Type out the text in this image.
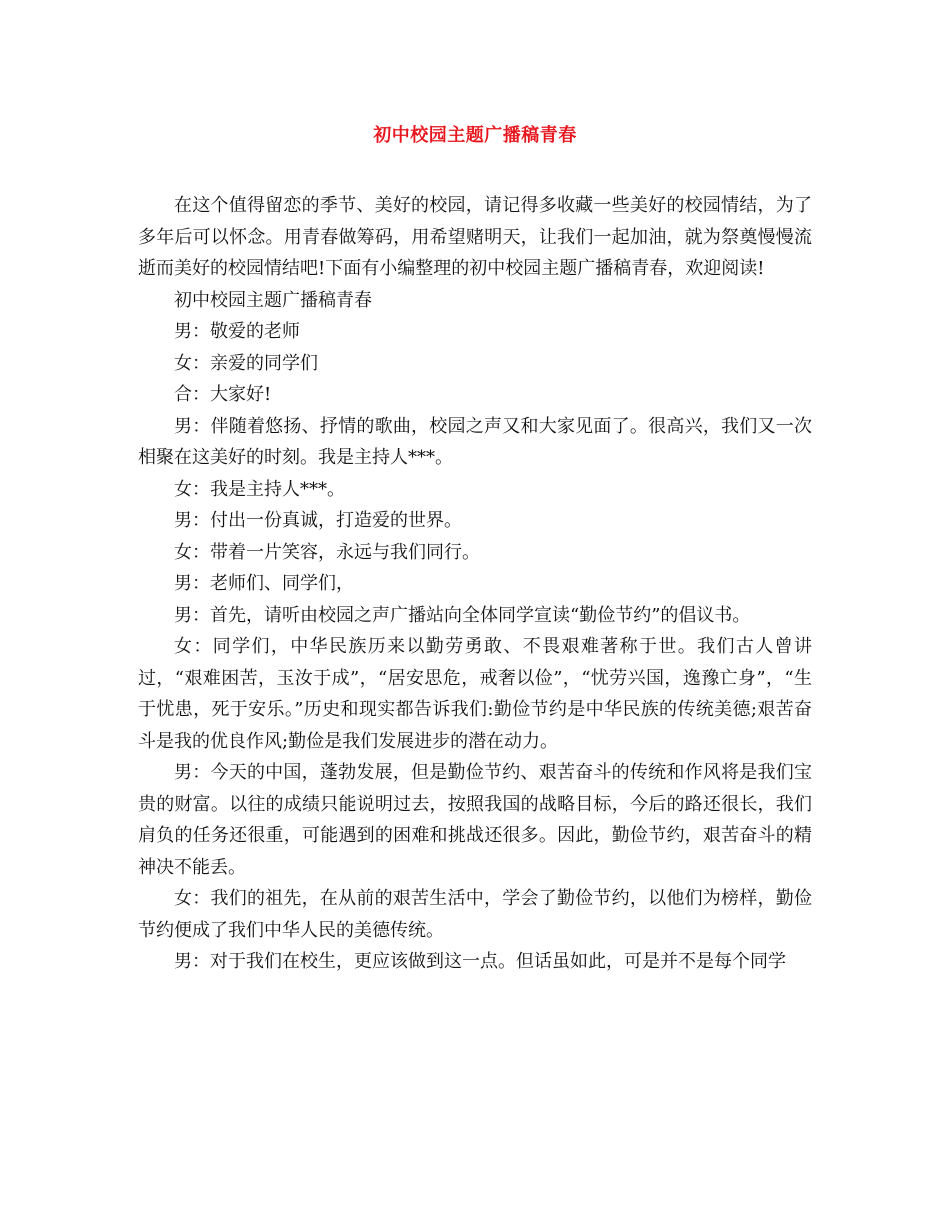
初中校园主题广播稿青春

在这个值得留恋的季节、美好的校园，请记得多收藏一些美好的校园情结，为了多年后可以怀念。用青春做筹码，用希望赌明天，让我们一起加油，就为祭奠慢慢流逝而美好的校园情结吧!下面有小编整理的初中校园主题广播稿青春，欢迎阅读!

初中校园主题广播稿青春

男：敬爱的老师

女：亲爱的同学们

合：大家好!

男：伴随着悠扬、抒情的歌曲，校园之声又和大家见面了。很高兴，我们又一次相聚在这美好的时刻。我是主持人***。

女：我是主持人***。

男：付出一份真诚，打造爱的世界。

女：带着一片笑容，永远与我们同行。

男：老师们、同学们，

男：首先，请听由校园之声广播站向全体同学宣读“勤俭节约”的倡议书。

女：同学们，中华民族历来以勤劳勇敢、不畏艰难著称于世。我们古人曾讲过，“艰难困苦，玉汝于成”，“居安思危，戒奢以俭”，“忧劳兴国，逸豫亡身”，“生于忧患，死于安乐。”历史和现实都告诉我们:勤俭节约是中华民族的传统美德;艰苦奋斗是我的优良作风;勤俭是我们发展进步的潜在动力。

男：今天的中国，蓬勃发展，但是勤俭节约、艰苦奋斗的传统和作风将是我们宝贵的财富。以往的成绩只能说明过去，按照我国的战略目标，今后的路还很长，我们肩负的任务还很重，可能遇到的困难和挑战还很多。因此，勤俭节约，艰苦奋斗的精神决不能丢。

女：我们的祖先，在从前的艰苦生活中，学会了勤俭节约，以他们为榜样，勤俭节约便成了我们中华人民的美德传统。

男：对于我们在校生，更应该做到这一点。但话虽如此，可是并不是每个同学
